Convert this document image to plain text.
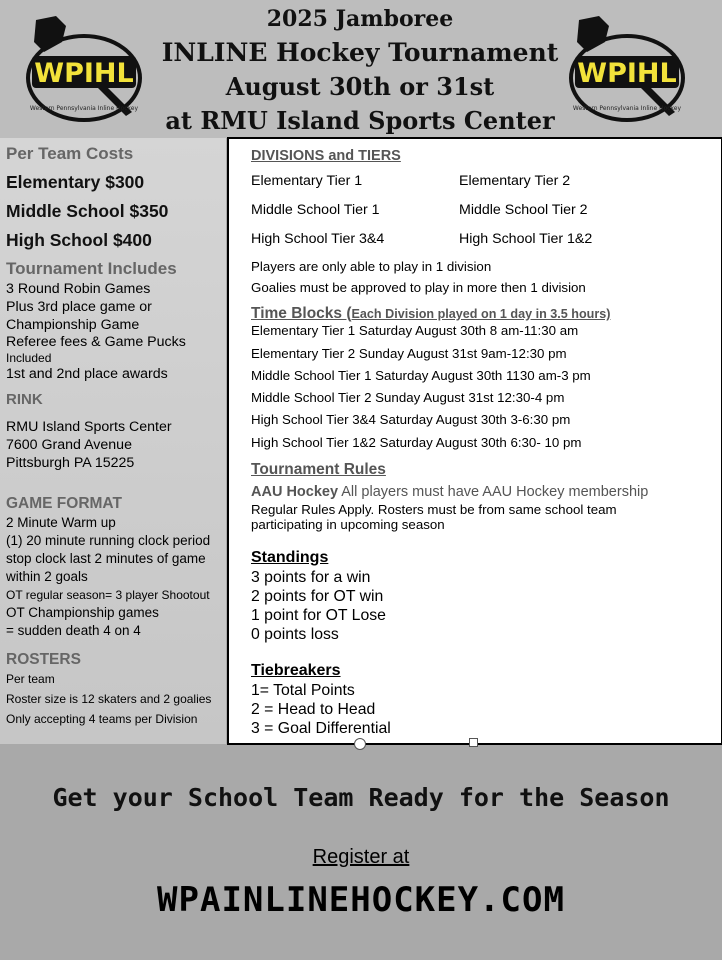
WPIHL
Western Pennsylvania Inline Hockey
2025 Jamboree
INLINE Hockey Tournament
August 30th or 31st
at RMU Island Sports Center
WPIHL
Western Pennsylvania Inline Hockey
Per Team Costs
Elementary $300
Middle School $350
High School $400
Tournament Includes
3 Round Robin Games
Plus 3rd place game or
Championship Game
Referee fees & Game Pucks
Included
1st and 2nd place awards
RINK
RMU Island Sports Center
7600 Grand Avenue
Pittsburgh PA 15225
GAME FORMAT
2 Minute Warm up
(1) 20 minute running clock period
stop clock last 2 minutes of game
within 2 goals
OT regular season= 3 player Shootout
OT Championship games
= sudden death 4 on 4
ROSTERS
Per team
Roster size is 12 skaters and 2 goalies
Only accepting 4 teams per Division
DIVISIONS and TIERS
Elementary Tier 1	Elementary Tier 2
Middle School Tier 1	Middle School Tier 2
High School Tier 3&4	High School Tier 1&2
Players are only able to play in 1 division
Goalies must be approved to play in more then 1 division
Time Blocks (Each Division played on 1 day in 3.5 hours)
Elementary Tier 1 Saturday August 30th 8 am-11:30 am
Elementary Tier 2 Sunday August 31st 9am-12:30 pm
Middle School Tier 1 Saturday August 30th 1130 am-3 pm
Middle School Tier 2 Sunday August 31st 12:30-4 pm
High School Tier 3&4 Saturday August 30th 3-6:30 pm
High School Tier 1&2 Saturday August 30th 6:30- 10 pm
Tournament Rules
AAU Hockey All players must have AAU Hockey membership
Regular Rules Apply. Rosters must be from same school team
participating in upcoming season
Standings
3 points for a win
2 points for OT win
1 point for OT Lose
0 points loss
Tiebreakers
1= Total Points
2 = Head to Head
3 = Goal Differential
Get your School Team Ready for the Season
Register at
WPAINLINEHOCKEY.COM
